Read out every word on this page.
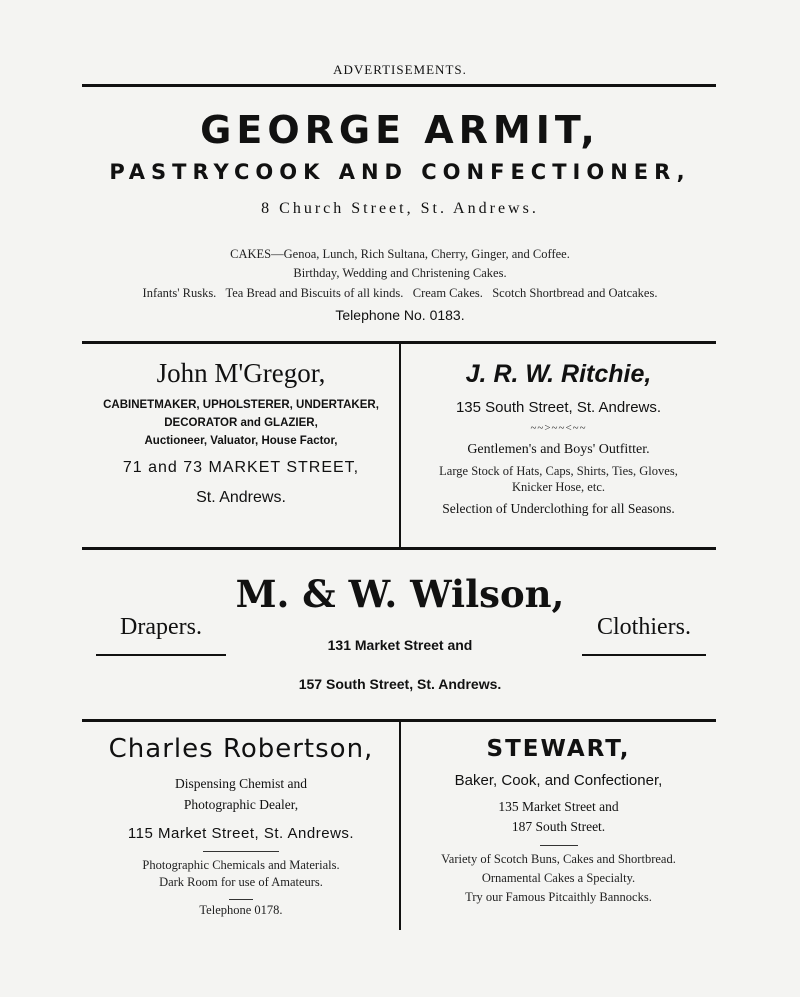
ADVERTISEMENTS.
GEORGE ARMIT,
PASTRYCOOK AND CONFECTIONER,
8 Church Street, St. Andrews.
CAKES—Genoa, Lunch, Rich Sultana, Cherry, Ginger, and Coffee.
Birthday, Wedding and Christening Cakes.
Infants' Rusks.   Tea Bread and Biscuits of all kinds.   Cream Cakes.   Scotch Shortbread and Oatcakes.
Telephone No. 0183.
John M'Gregor,
CABINETMAKER, UPHOLSTERER, UNDERTAKER,
DECORATOR and GLAZIER,
Auctioneer, Valuator, House Factor,
71 and 73 MARKET STREET,
St. Andrews.
J. R. W. Ritchie,
135 South Street, St. Andrews.
~~>~~<~~
Gentlemen's and Boys' Outfitter.
Large Stock of Hats, Caps, Shirts, Ties, Gloves,
Knicker Hose, etc.
Selection of Underclothing for all Seasons.
M. & W. Wilson,
Drapers.	Clothiers.
131 Market Street and
157 South Street, St. Andrews.
Charles Robertson,
Dispensing Chemist and
Photographic Dealer,
115 Market Street, St. Andrews.
Photographic Chemicals and Materials.
Dark Room for use of Amateurs.
Telephone 0178.
STEWART,
Baker, Cook, and Confectioner,
135 Market Street and
187 South Street.
Variety of Scotch Buns, Cakes and Shortbread.
Ornamental Cakes a Specialty.
Try our Famous Pitcaithly Bannocks.
